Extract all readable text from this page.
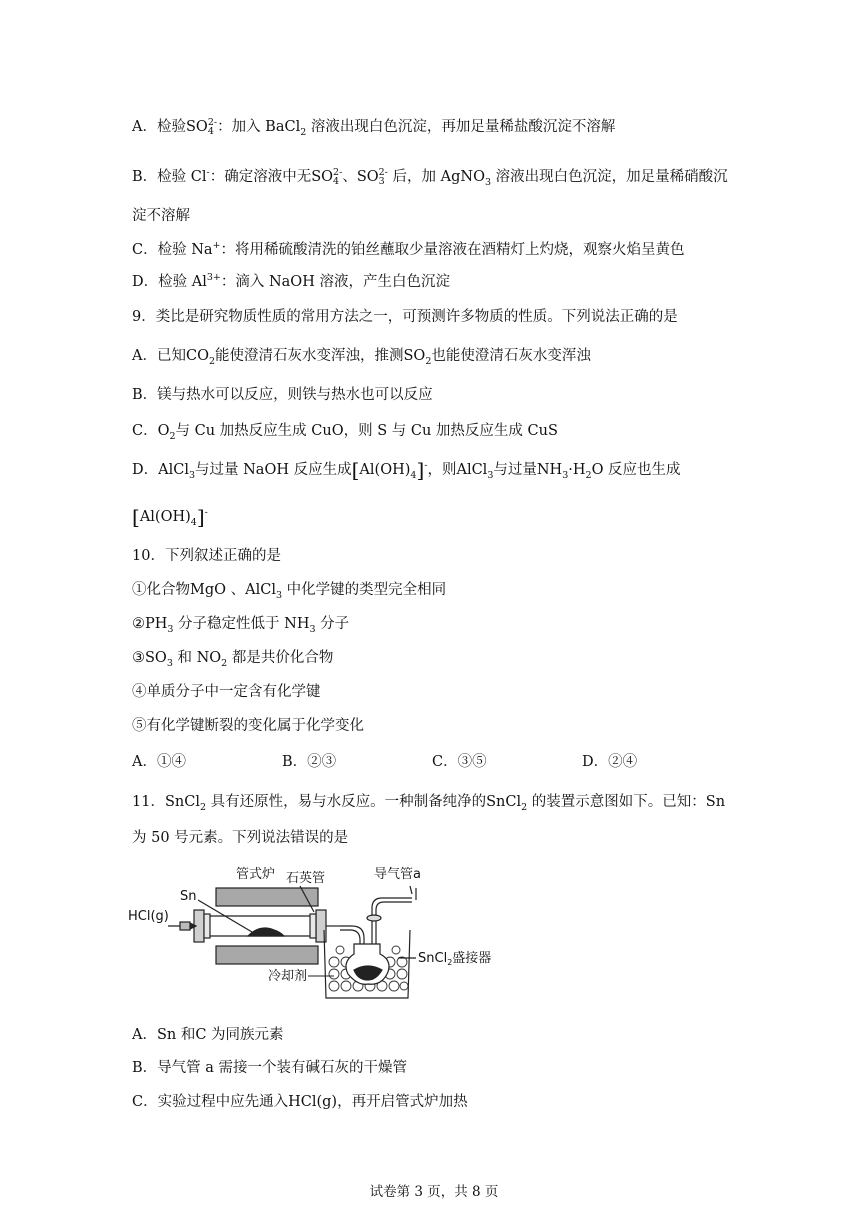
A．检验SO 2-
4 ：加入 BaCl$_2$ 溶液出现白色沉淀，再加足量稀盐酸沉淀不溶解
B．检验 Cl-：确定溶液中无SO 2-
4 、SO 2-
3 后，加 AgNO$_3$ 溶液出现白色沉淀，加足量稀硝酸沉
淀不溶解
C．检验 Na+：将用稀硫酸清洗的铂丝蘸取少量溶液在酒精灯上灼烧，观察火焰呈黄色
D．检验 $Al^{3+}$：滴入 NaOH 溶液，产生白色沉淀
9．类比是研究物质性质的常用方法之一，可预测许多物质的性质。下列说法正确的是
A．已知$CO_2$能使澄清石灰水变浑浊，推测$SO_2$也能使澄清石灰水变浑浊
B．镁与热水可以反应，则铁与热水也可以反应
C．$O_2$与 Cu 加热反应生成 CuO，则 S 与 Cu 加热反应生成 CuS
D．AlCl$_3$与过量 NaOH 反应生成$[Al(OH)_4]^-$，则AlCl$_3$与过量$NH_3\cdot H_2O$ 反应也生成
$[Al(OH)_4]^-$
10．下列叙述正确的是
①化合物MgO 、AlCl$_3$ 中化学键的类型完全相同
$②PH_3$ 分子稳定性低于 $NH_3$ 分子
$③SO_3$ 和 $NO_2$ 都是共价化合物
④单质分子中一定含有化学键
⑤有化学键断裂的变化属于化学变化
A．①④	B．②③	C．③⑤	D．②④
11．SnCl$_2$ 具有还原性，易与水反应。一种制备纯净的SnCl$_2$ 的装置示意图如下。已知：Sn
为 50 号元素。下列说法错误的是
管式炉
Sn
石英管	导气管a
HCl(g)
SnCl$_2$盛接器
冷却剂
A．Sn 和C 为同族元素
B．导气管 a 需接一个装有碱石灰的干燥管
C．实验过程中应先通入HCl(g)，再开启管式炉加热
试卷第 3 页，共 8 页
